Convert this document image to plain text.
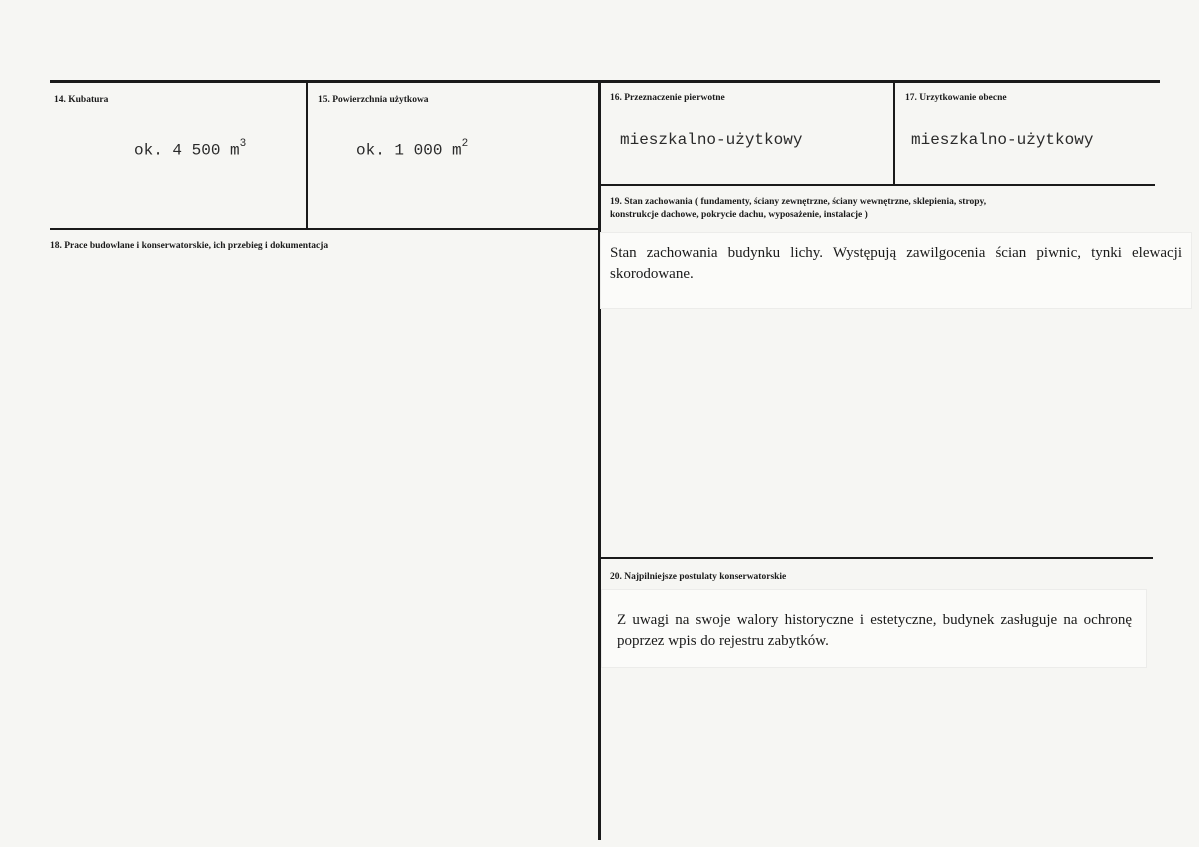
14. Kubatura
ok. 4 500 $m^3$
15. Powierzchnia użytkowa
ok. 1 000 $m^2$
16. Przeznaczenie pierwotne
mieszkalno-użytkowy
17. Urzytkowanie obecne
mieszkalno-użytkowy
18. Prace budowlane i konserwatorskie, ich przebieg i dokumentacja
19. Stan zachowania ( fundamenty, ściany zewnętrzne, ściany wewnętrzne, sklepienia, stropy,
konstrukcje dachowe, pokrycie dachu, wyposażenie, instalacje )
Stan zachowania budynku lichy. Występują zawilgocenia ścian piwnic, tynki elewacji skorodowane.
20. Najpilniejsze postulaty konserwatorskie
Z uwagi na swoje walory historyczne i estetyczne, budynek zasługuje na ochronę poprzez wpis do rejestru zabytków.
